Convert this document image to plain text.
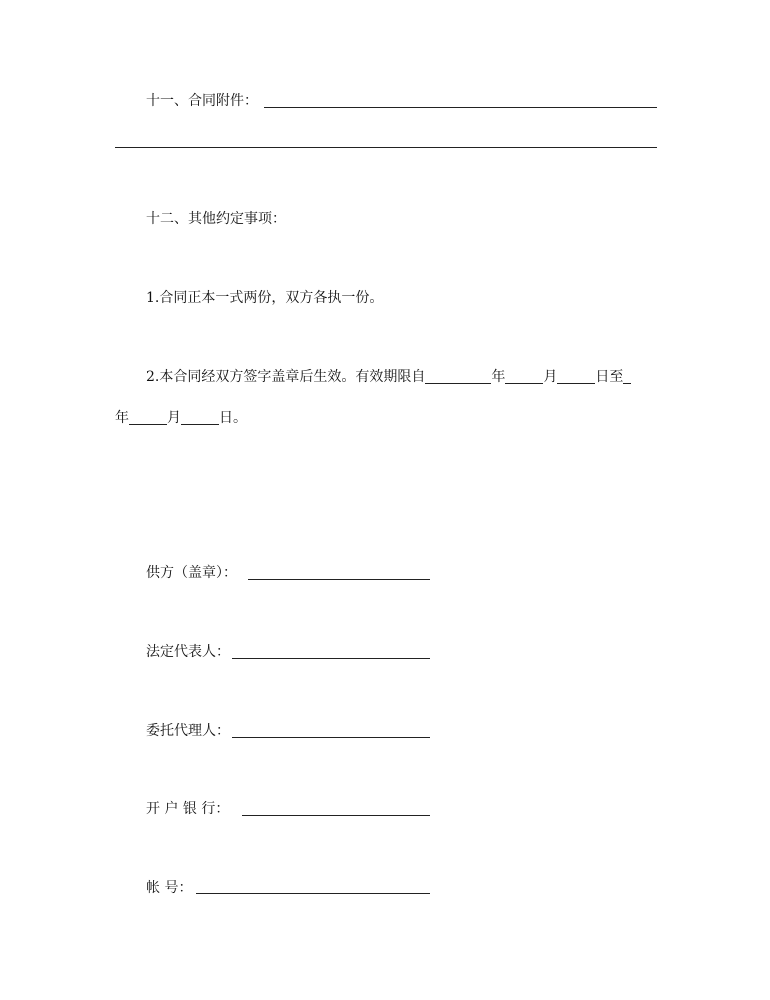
十一、合同附件：
十二、其他约定事项：
1.合同正本一式两份，双方各执一份。
2.本合同经双方签字盖章后生效。有效期限自	年	月	日至
年	月	日。
供方（盖章）：
法定代表人：
委托代理人：
开 户 银 行：
帐 号：
